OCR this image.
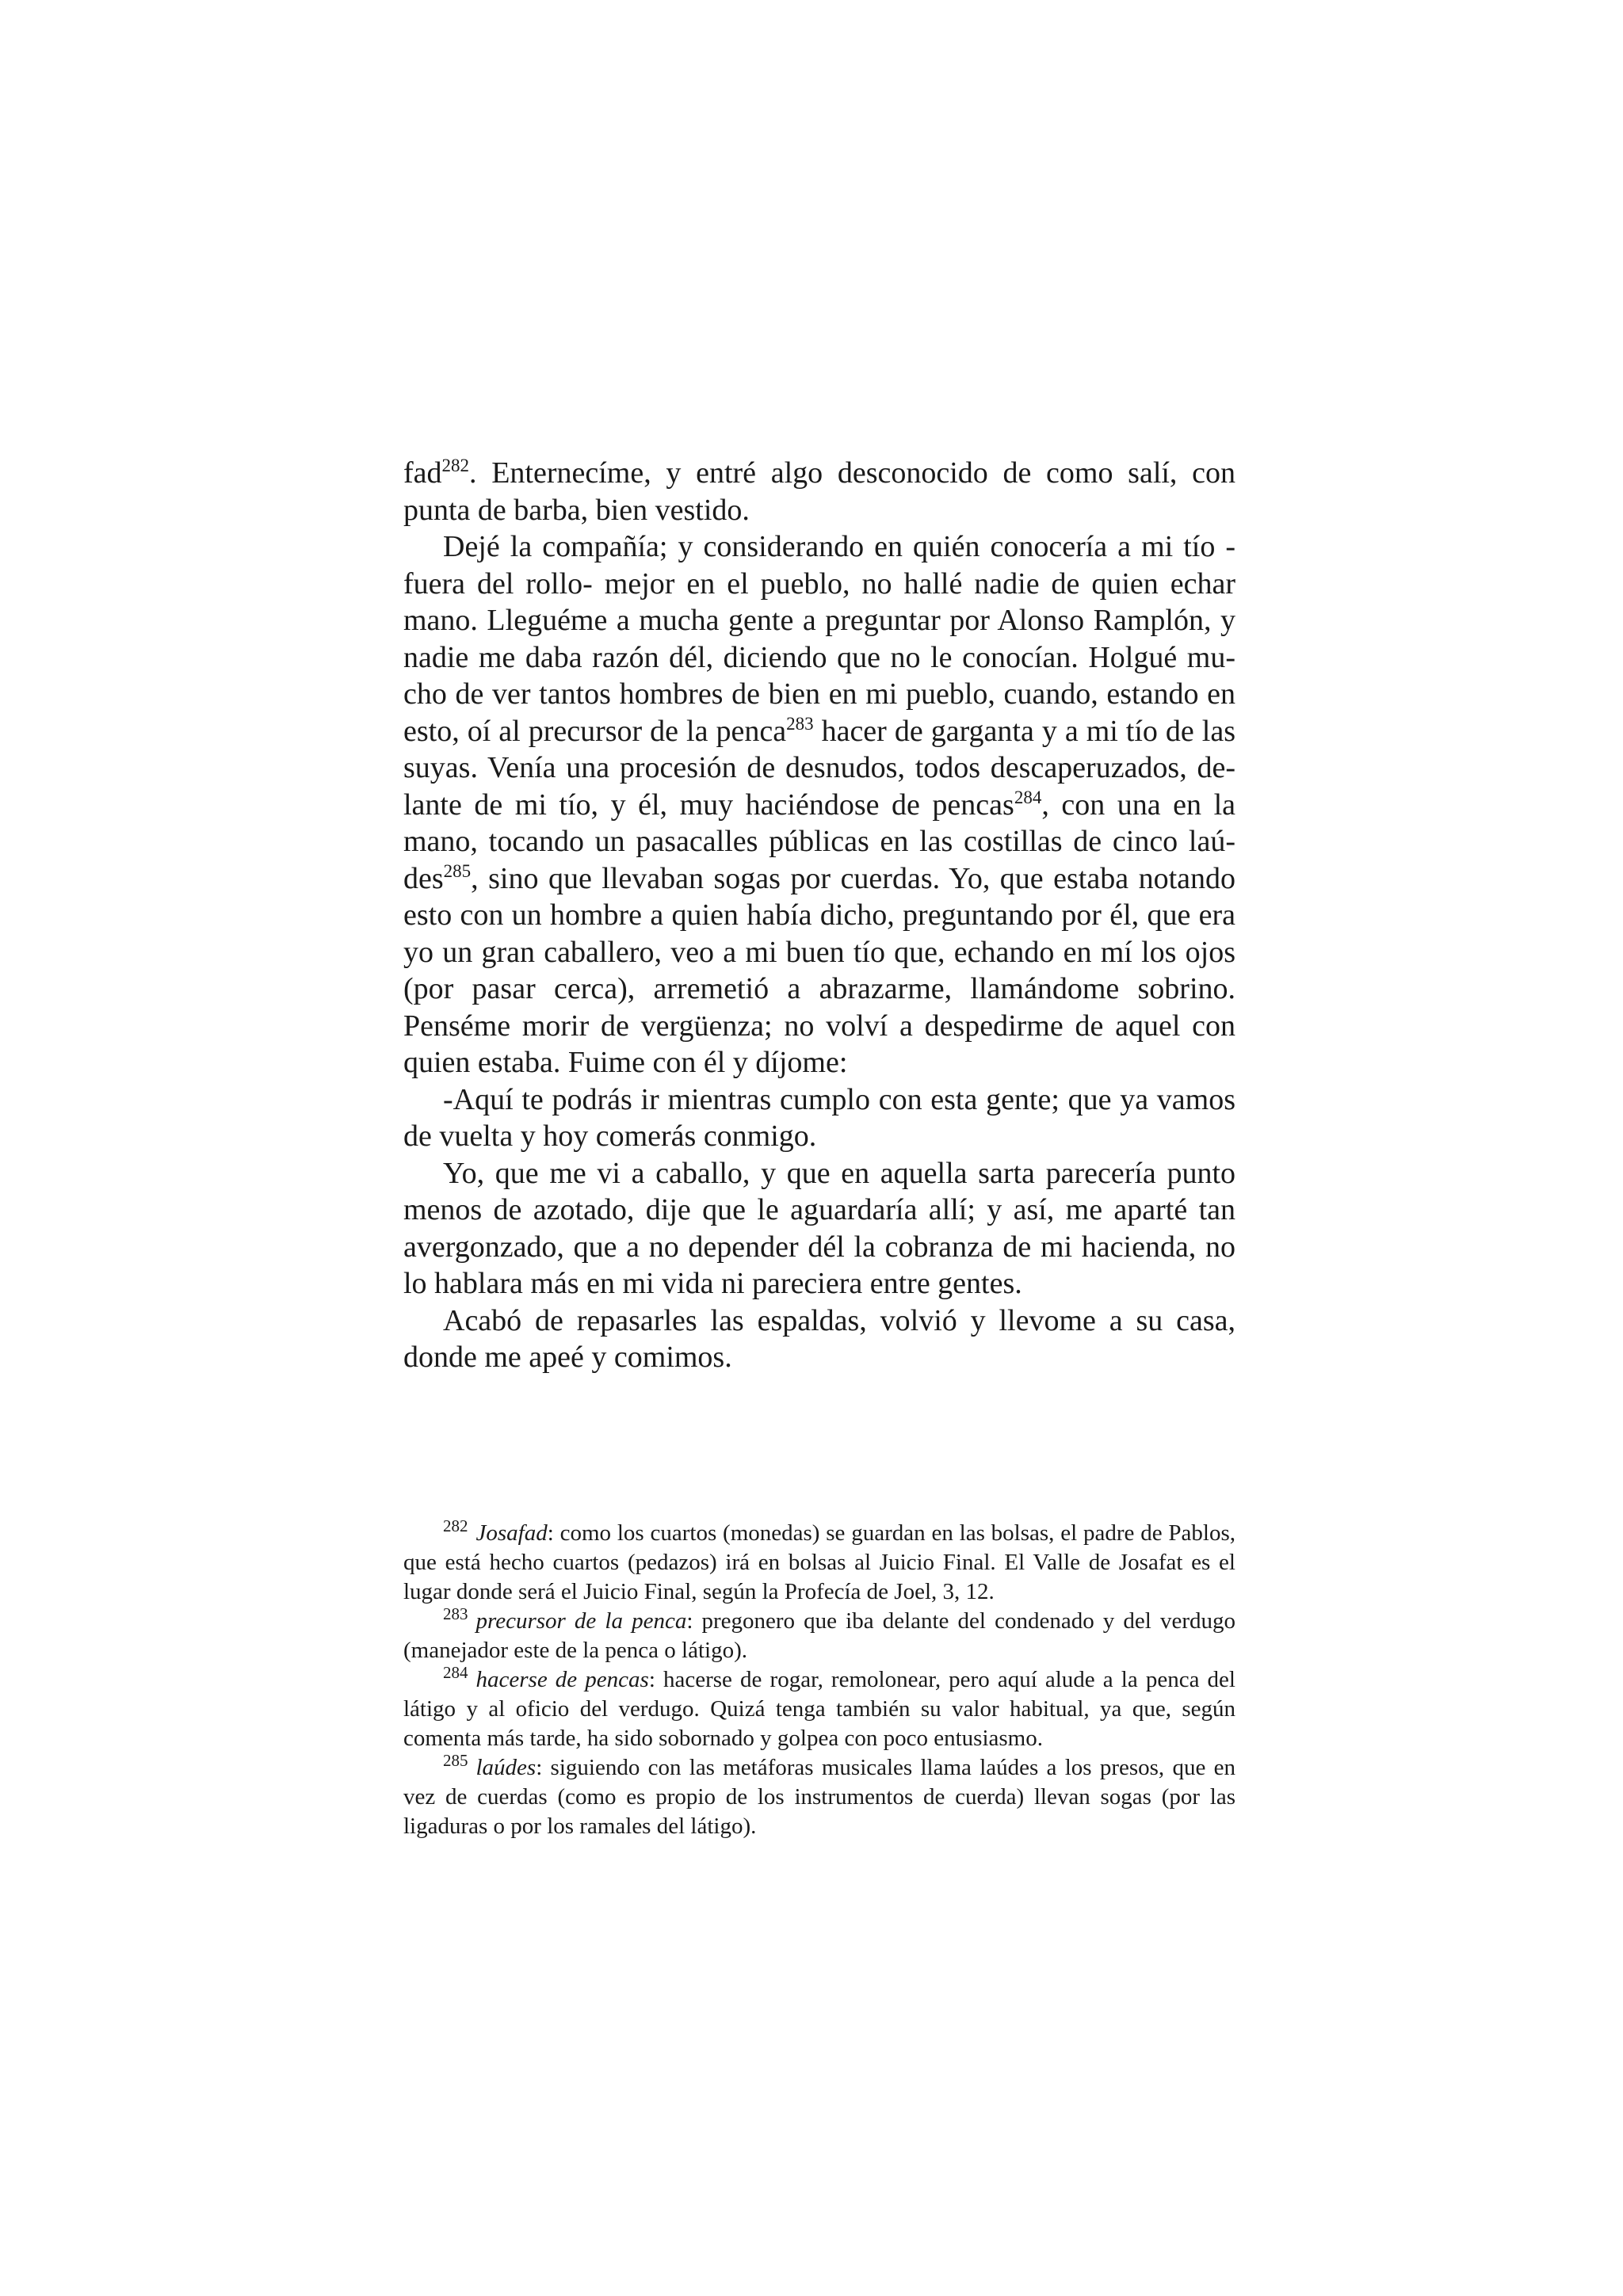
fad$^{282}$. Enternecíme, y entré algo desconocido de como salí, con punta de barba, bien vestido.

Dejé la compañía; y considerando en quién conocería a mi tío -fuera del rollo- mejor en el pueblo, no hallé nadie de quien echar mano. Lleguéme a mucha gente a preguntar por Alonso Ramplón, y nadie me daba razón dél, diciendo que no le conocían. Holgué mucho de ver tantos hombres de bien en mi pueblo, cuando, estando en esto, oí al precursor de la penca$^{283}$ hacer de garganta y a mi tío de las suyas. Venía una procesión de desnudos, todos descaperuzados, delante de mi tío, y él, muy haciéndose de pencas$^{284}$, con una en la mano, tocando un pasacalles públicas en las costillas de cinco laúdes$^{285}$, sino que llevaban sogas por cuerdas. Yo, que estaba notando esto con un hombre a quien había dicho, preguntando por él, que era yo un gran caballero, veo a mi buen tío que, echando en mí los ojos (por pasar cerca), arremetió a abrazarme, llamándome sobrino. Penséme morir de vergüenza; no volví a despedirme de aquel con quien estaba. Fuime con él y díjome:

-Aquí te podrás ir mientras cumplo con esta gente; que ya vamos de vuelta y hoy comerás conmigo.

Yo, que me vi a caballo, y que en aquella sarta parecería punto menos de azotado, dije que le aguardaría allí; y así, me aparté tan avergonzado, que a no depender dél la cobranza de mi hacienda, no lo hablara más en mi vida ni pareciera entre gentes.

Acabó de repasarles las espaldas, volvió y llevome a su casa, donde me apeé y comimos.

$^{282}$ Josafad: como los cuartos (monedas) se guardan en las bolsas, el padre de Pablos, que está hecho cuartos (pedazos) irá en bolsas al Juicio Final. El Valle de Josafat es el lugar donde será el Juicio Final, según la Profecía de Joel, 3, 12.

$^{283}$ precursor de la penca: pregonero que iba delante del condenado y del verdugo (manejador este de la penca o látigo).

$^{284}$ hacerse de pencas: hacerse de rogar, remolonear, pero aquí alude a la penca del látigo y al oficio del verdugo. Quizá tenga también su valor habitual, ya que, según comenta más tarde, ha sido sobornado y golpea con poco entusiasmo.

$^{285}$ laúdes: siguiendo con las metáforas musicales llama laúdes a los presos, que en vez de cuerdas (como es propio de los instrumentos de cuerda) llevan sogas (por las ligaduras o por los ramales del látigo).
